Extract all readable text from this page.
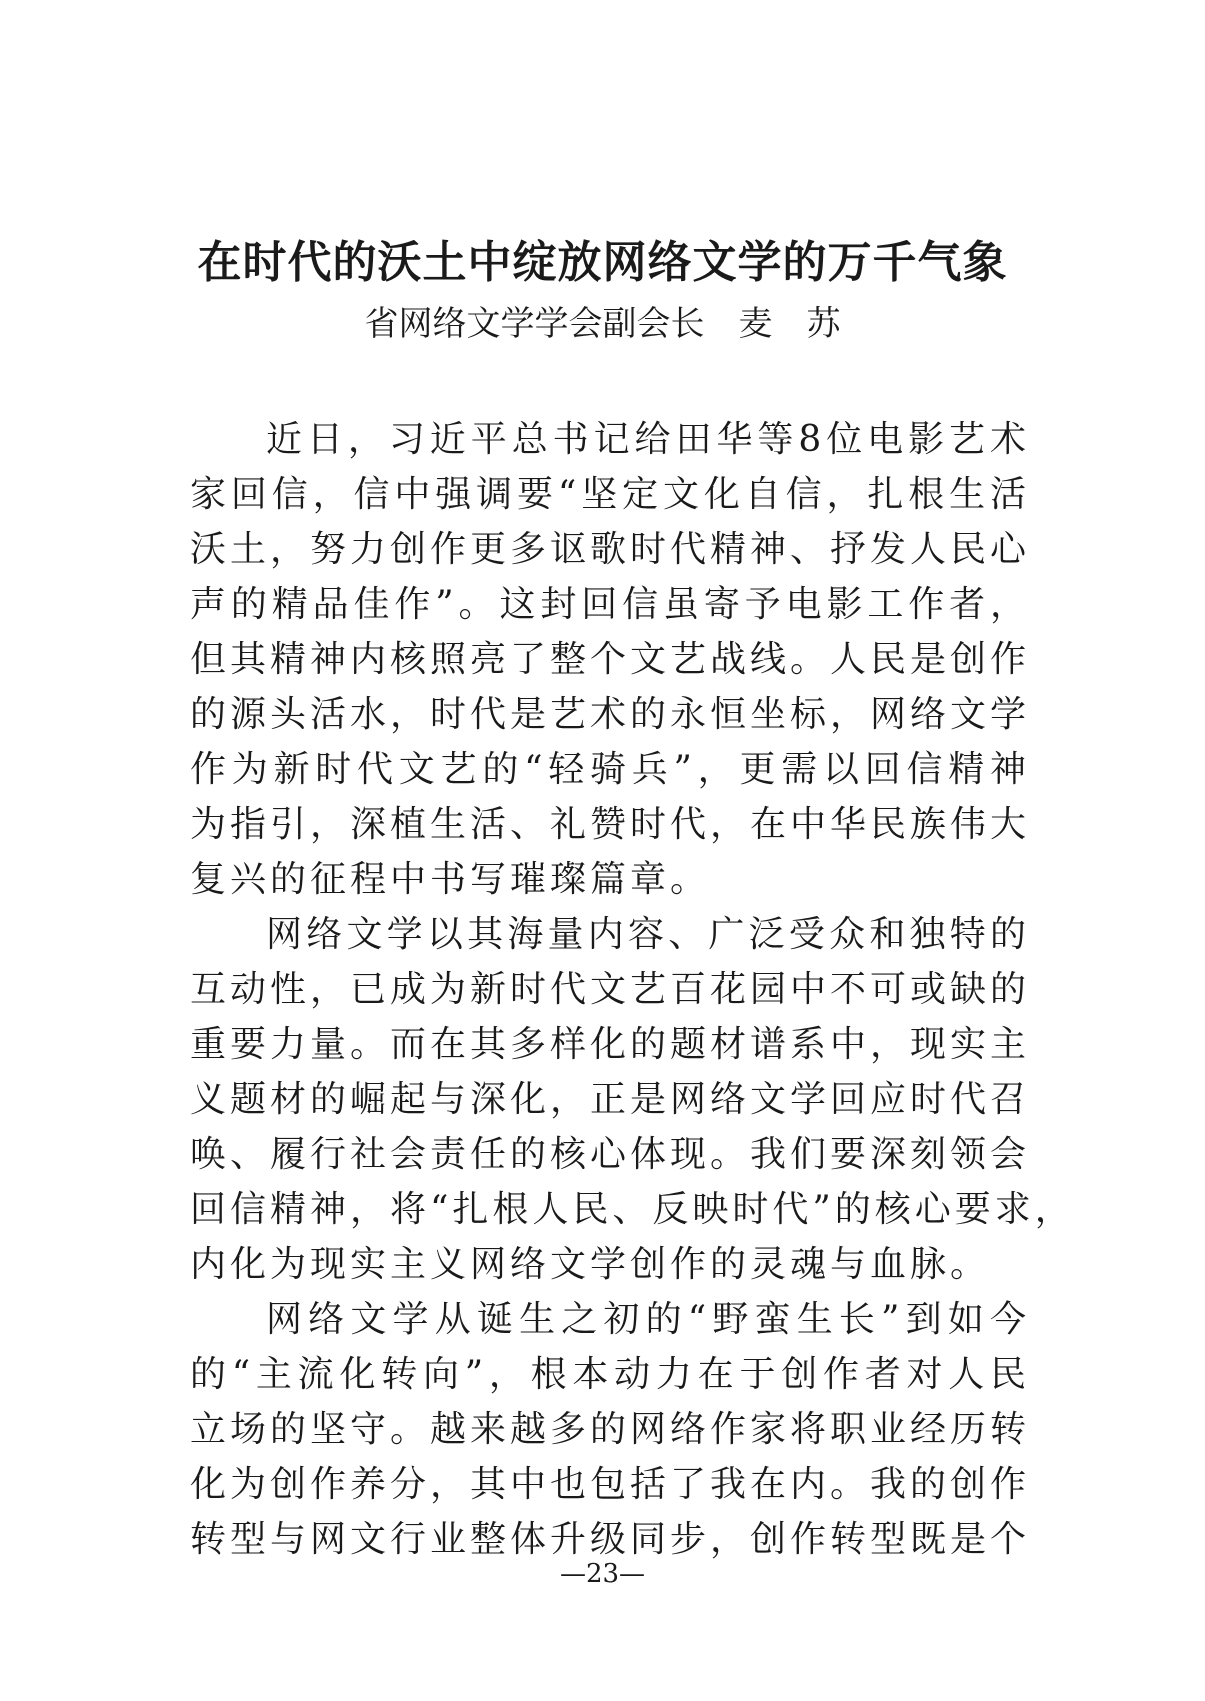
在时代的沃土中绽放网络文学的万千气象

省网络文学学会副会长 麦　苏

近日，习近平总书记给田华等8位电影艺术
家回信，信中强调要“坚定文化自信，扎根生活
沃土，努力创作更多讴歌时代精神、抒发人民心
声的精品佳作”。这封回信虽寄予电影工作者，
但其精神内核照亮了整个文艺战线。人民是创作
的源头活水，时代是艺术的永恒坐标，网络文学
作为新时代文艺的“轻骑兵”，更需以回信精神
为指引，深植生活、礼赞时代，在中华民族伟大
复兴的征程中书写璀璨篇章。
网络文学以其海量内容、广泛受众和独特的
互动性，已成为新时代文艺百花园中不可或缺的
重要力量。而在其多样化的题材谱系中，现实主
义题材的崛起与深化，正是网络文学回应时代召
唤、履行社会责任的核心体现。我们要深刻领会
回信精神，将“扎根人民、反映时代”的核心要求，
内化为现实主义网络文学创作的灵魂与血脉。
网络文学从诞生之初的“野蛮生长”到如今
的“主流化转向”，根本动力在于创作者对人民
立场的坚守。越来越多的网络作家将职业经历转
化为创作养分，其中也包括了我在内。我的创作
转型与网文行业整体升级同步，创作转型既是个
—23—
